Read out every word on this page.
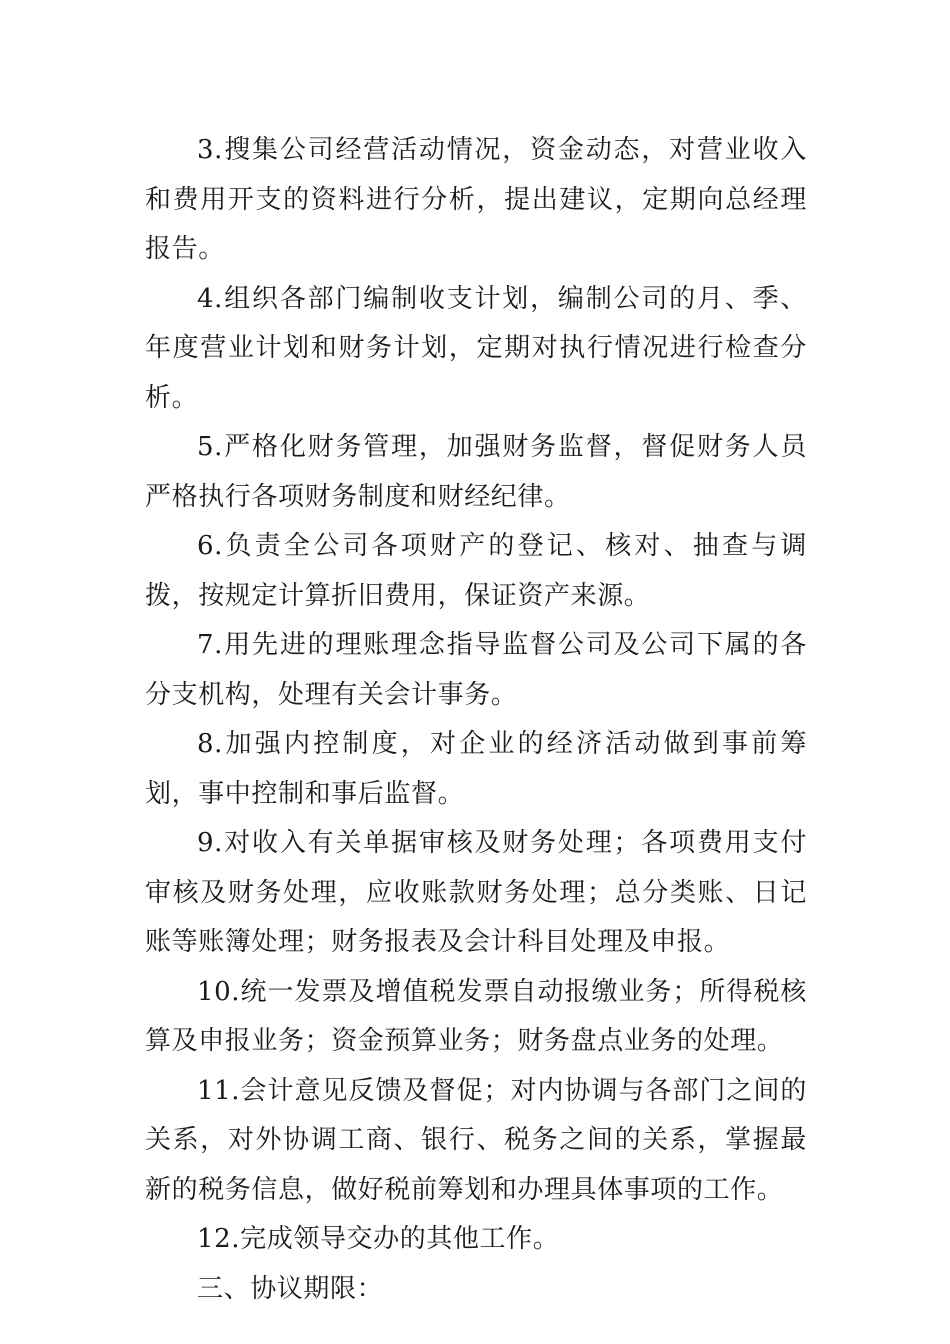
3.搜集公司经营活动情况，资金动态，对营业收入和费用开支的资料进行分析，提出建议，定期向总经理报告。

4.组织各部门编制收支计划，编制公司的月、季、年度营业计划和财务计划，定期对执行情况进行检查分析。

5.严格化财务管理，加强财务监督，督促财务人员严格执行各项财务制度和财经纪律。

6.负责全公司各项财产的登记、核对、抽查与调拨，按规定计算折旧费用，保证资产来源。

7.用先进的理账理念指导监督公司及公司下属的各分支机构，处理有关会计事务。

8.加强内控制度，对企业的经济活动做到事前筹划，事中控制和事后监督。

9.对收入有关单据审核及财务处理；各项费用支付审核及财务处理，应收账款财务处理；总分类账、日记账等账簿处理；财务报表及会计科目处理及申报。

10.统一发票及增值税发票自动报缴业务；所得税核算及申报业务；资金预算业务；财务盘点业务的处理。

11.会计意见反馈及督促；对内协调与各部门之间的关系，对外协调工商、银行、税务之间的关系，掌握最新的税务信息，做好税前筹划和办理具体事项的工作。

12.完成领导交办的其他工作。

三、协议期限：
